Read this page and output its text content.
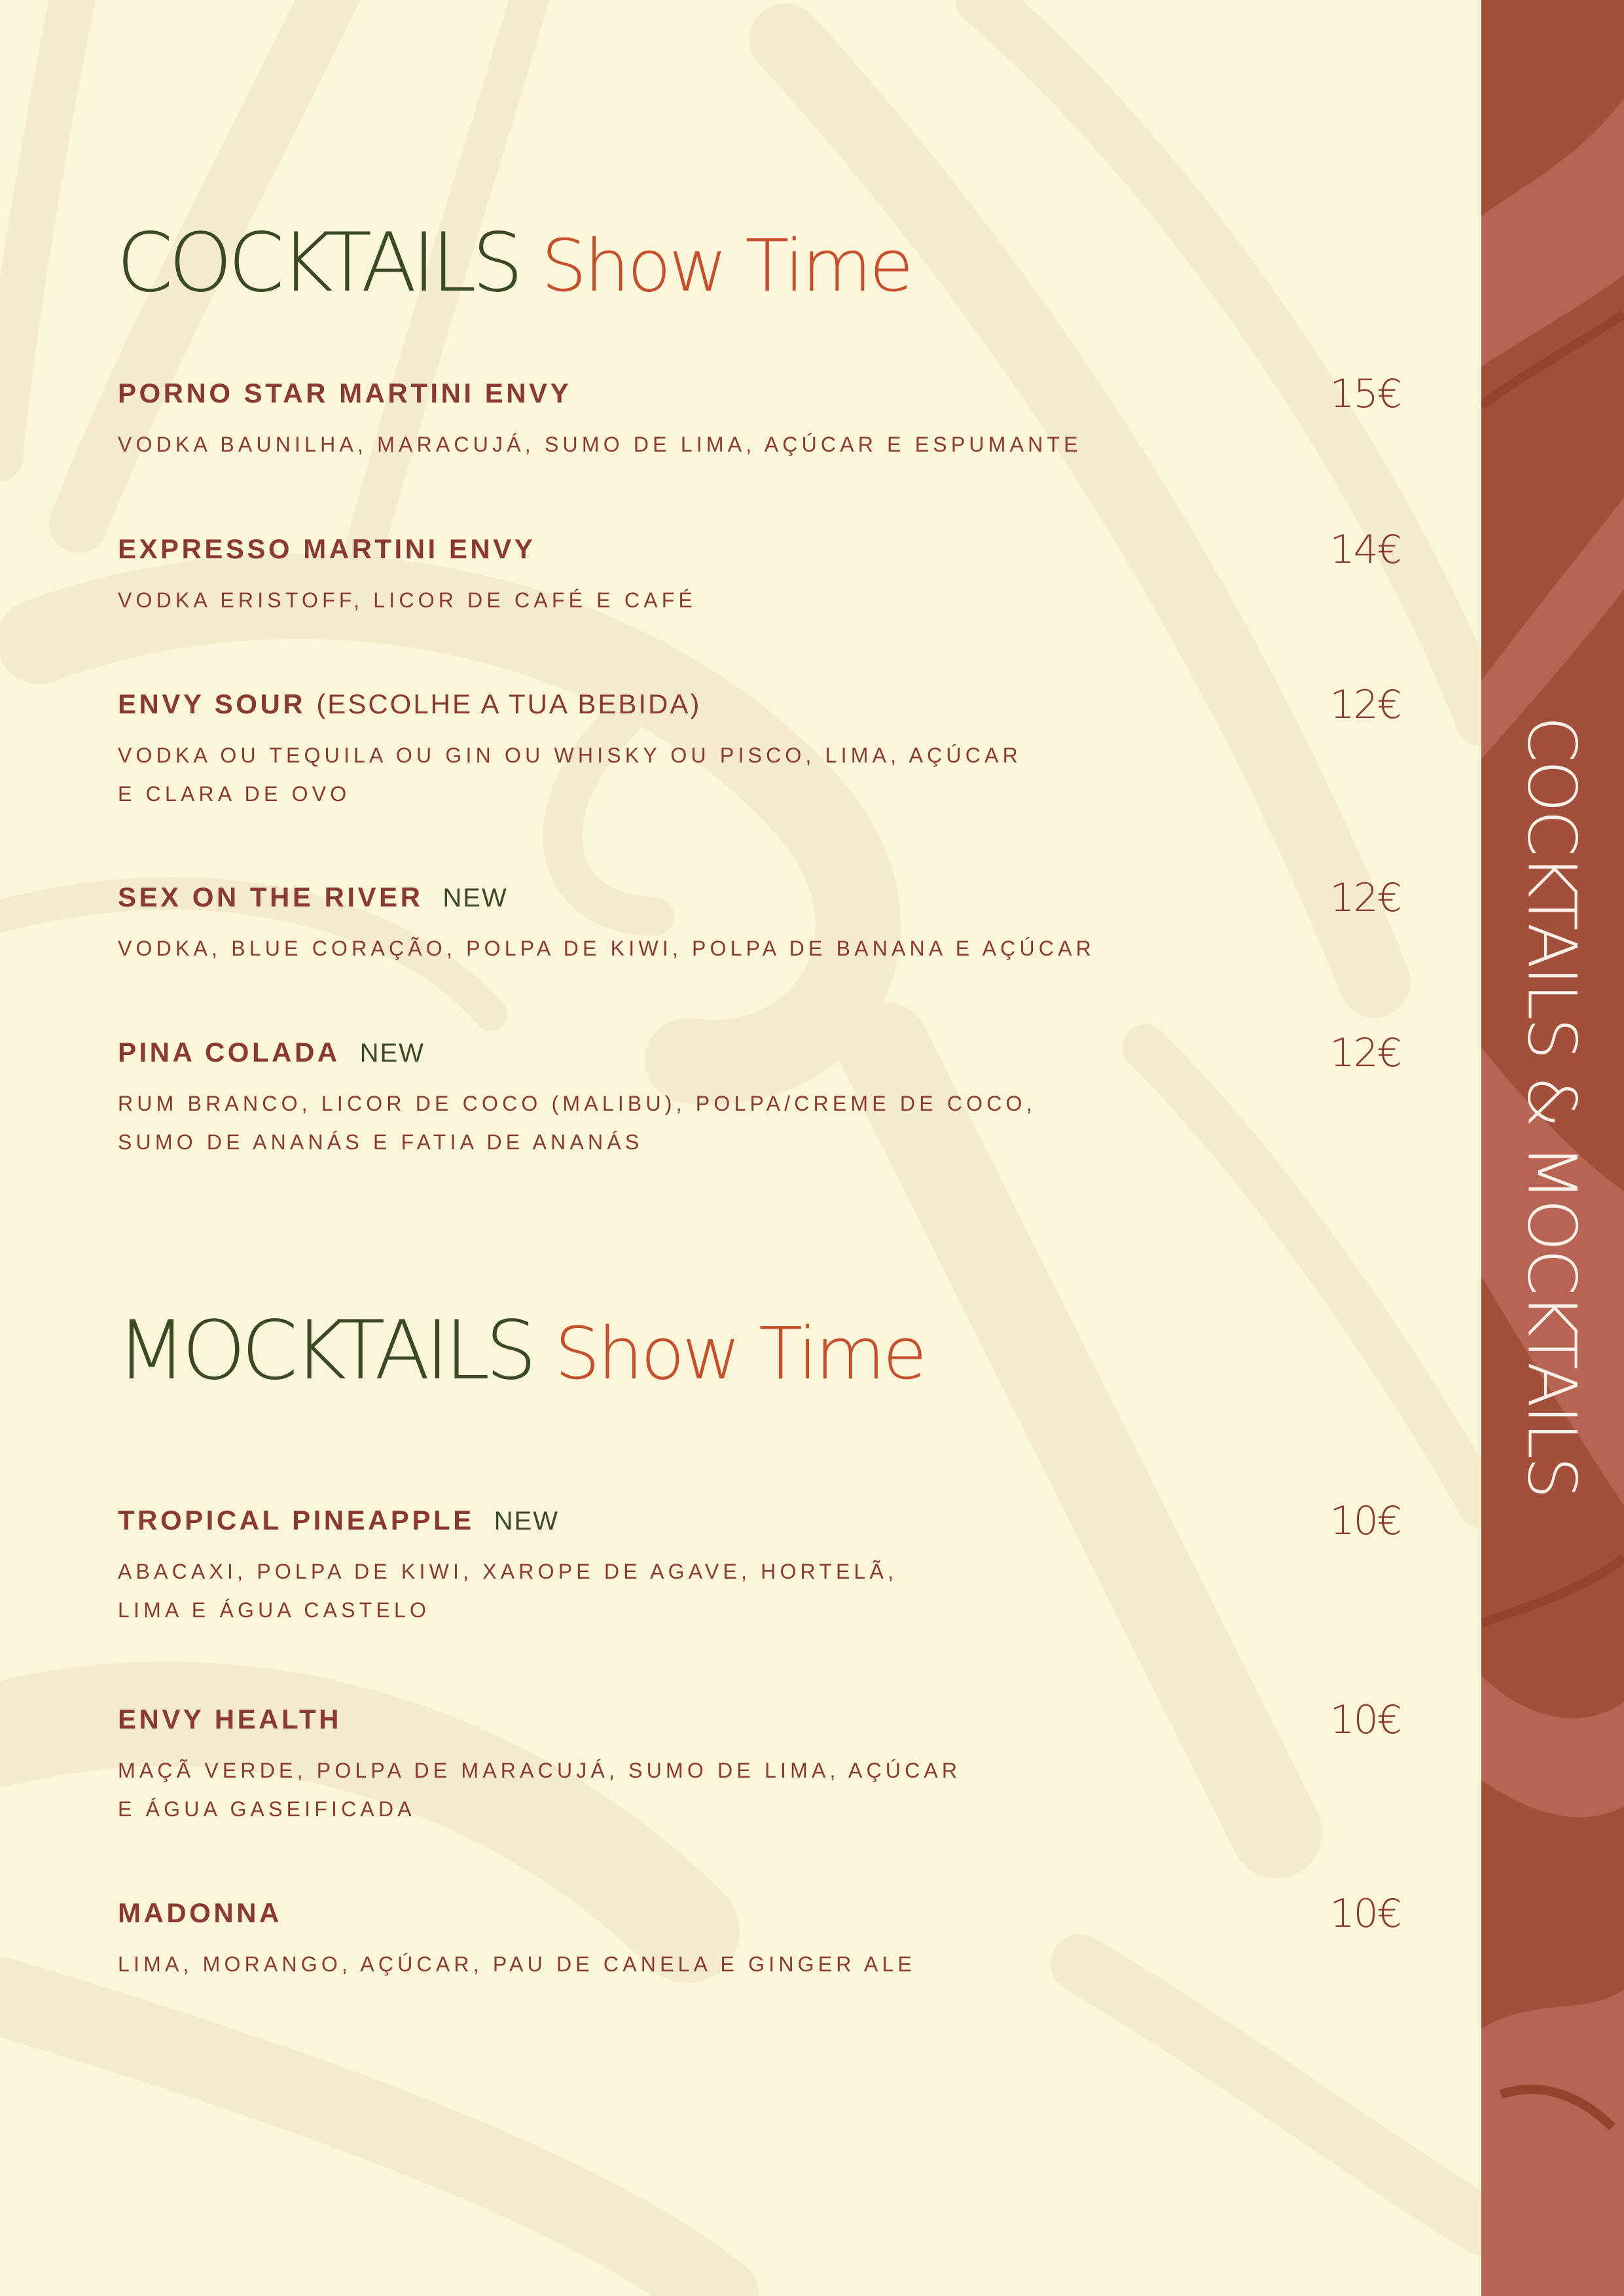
COCKTAILS & MOCKTAILS
COCKTAILS Show Time
PORNO STAR MARTINI ENVY
VODKA BAUNILHA, MARACUJÁ, SUMO DE LIMA, AÇÚCAR E ESPUMANTE
15€
EXPRESSO MARTINI ENVY
VODKA ERISTOFF, LICOR DE CAFÉ E CAFÉ
14€
ENVY SOUR (ESCOLHE A TUA BEBIDA)
VODKA OU TEQUILA OU GIN OU WHISKY OU PISCO, LIMA, AÇÚCAR
E CLARA DE OVO
12€
SEX ON THE RIVER NEW
VODKA, BLUE CORAÇÃO, POLPA DE KIWI, POLPA DE BANANA E AÇÚCAR
12€
PINA COLADA NEW
RUM BRANCO, LICOR DE COCO (MALIBU), POLPA/CREME DE COCO,
SUMO DE ANANÁS E FATIA DE ANANÁS
12€
MOCKTAILS Show Time
TROPICAL PINEAPPLE NEW
ABACAXI, POLPA DE KIWI, XAROPE DE AGAVE, HORTELÃ,
LIMA E ÁGUA CASTELO
10€
ENVY HEALTH
MAÇÃ VERDE, POLPA DE MARACUJÁ, SUMO DE LIMA, AÇÚCAR
E ÁGUA GASEIFICADA
10€
MADONNA
LIMA, MORANGO, AÇÚCAR, PAU DE CANELA E GINGER ALE
10€
